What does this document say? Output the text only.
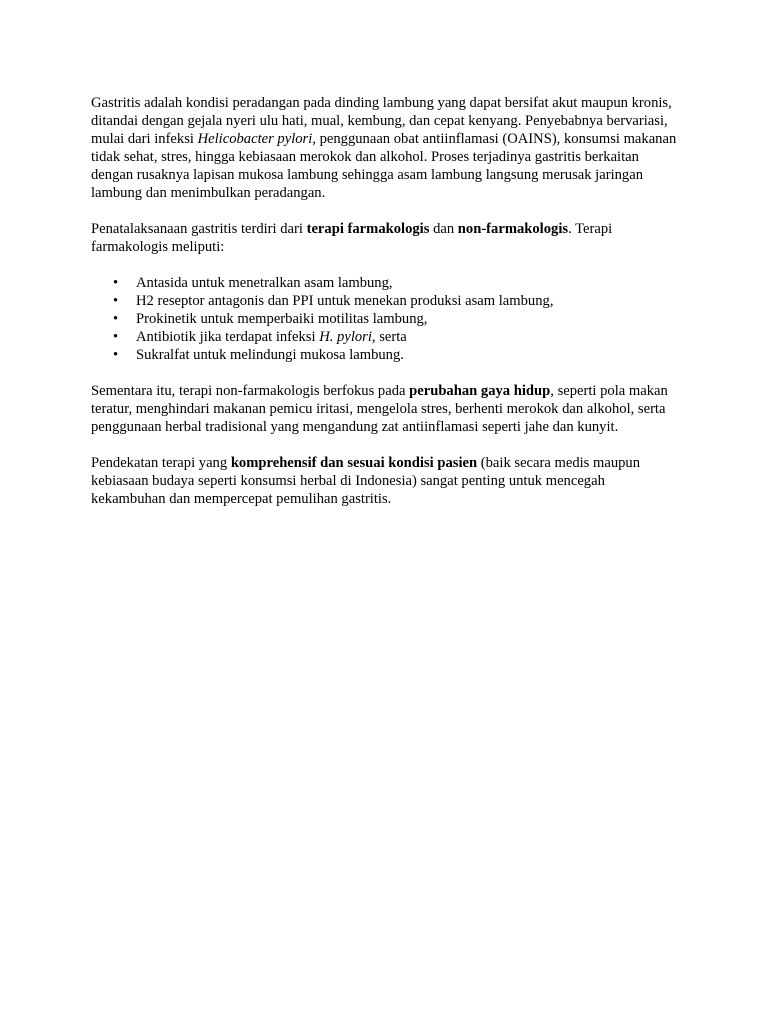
Gastritis adalah kondisi peradangan pada dinding lambung yang dapat bersifat akut maupun kronis, ditandai dengan gejala nyeri ulu hati, mual, kembung, dan cepat kenyang. Penyebabnya bervariasi, mulai dari infeksi Helicobacter pylori, penggunaan obat antiinflamasi (OAINS), konsumsi makanan tidak sehat, stres, hingga kebiasaan merokok dan alkohol. Proses terjadinya gastritis berkaitan dengan rusaknya lapisan mukosa lambung sehingga asam lambung langsung merusak jaringan lambung dan menimbulkan peradangan.

Penatalaksanaan gastritis terdiri dari terapi farmakologis dan non-farmakologis. Terapi farmakologis meliputi:

• Antasida untuk menetralkan asam lambung,
• H2 reseptor antagonis dan PPI untuk menekan produksi asam lambung,
• Prokinetik untuk memperbaiki motilitas lambung,
• Antibiotik jika terdapat infeksi H. pylori, serta
• Sukralfat untuk melindungi mukosa lambung.

Sementara itu, terapi non-farmakologis berfokus pada perubahan gaya hidup, seperti pola makan teratur, menghindari makanan pemicu iritasi, mengelola stres, berhenti merokok dan alkohol, serta penggunaan herbal tradisional yang mengandung zat antiinflamasi seperti jahe dan kunyit.

Pendekatan terapi yang komprehensif dan sesuai kondisi pasien (baik secara medis maupun kebiasaan budaya seperti konsumsi herbal di Indonesia) sangat penting untuk mencegah kekambuhan dan mempercepat pemulihan gastritis.
